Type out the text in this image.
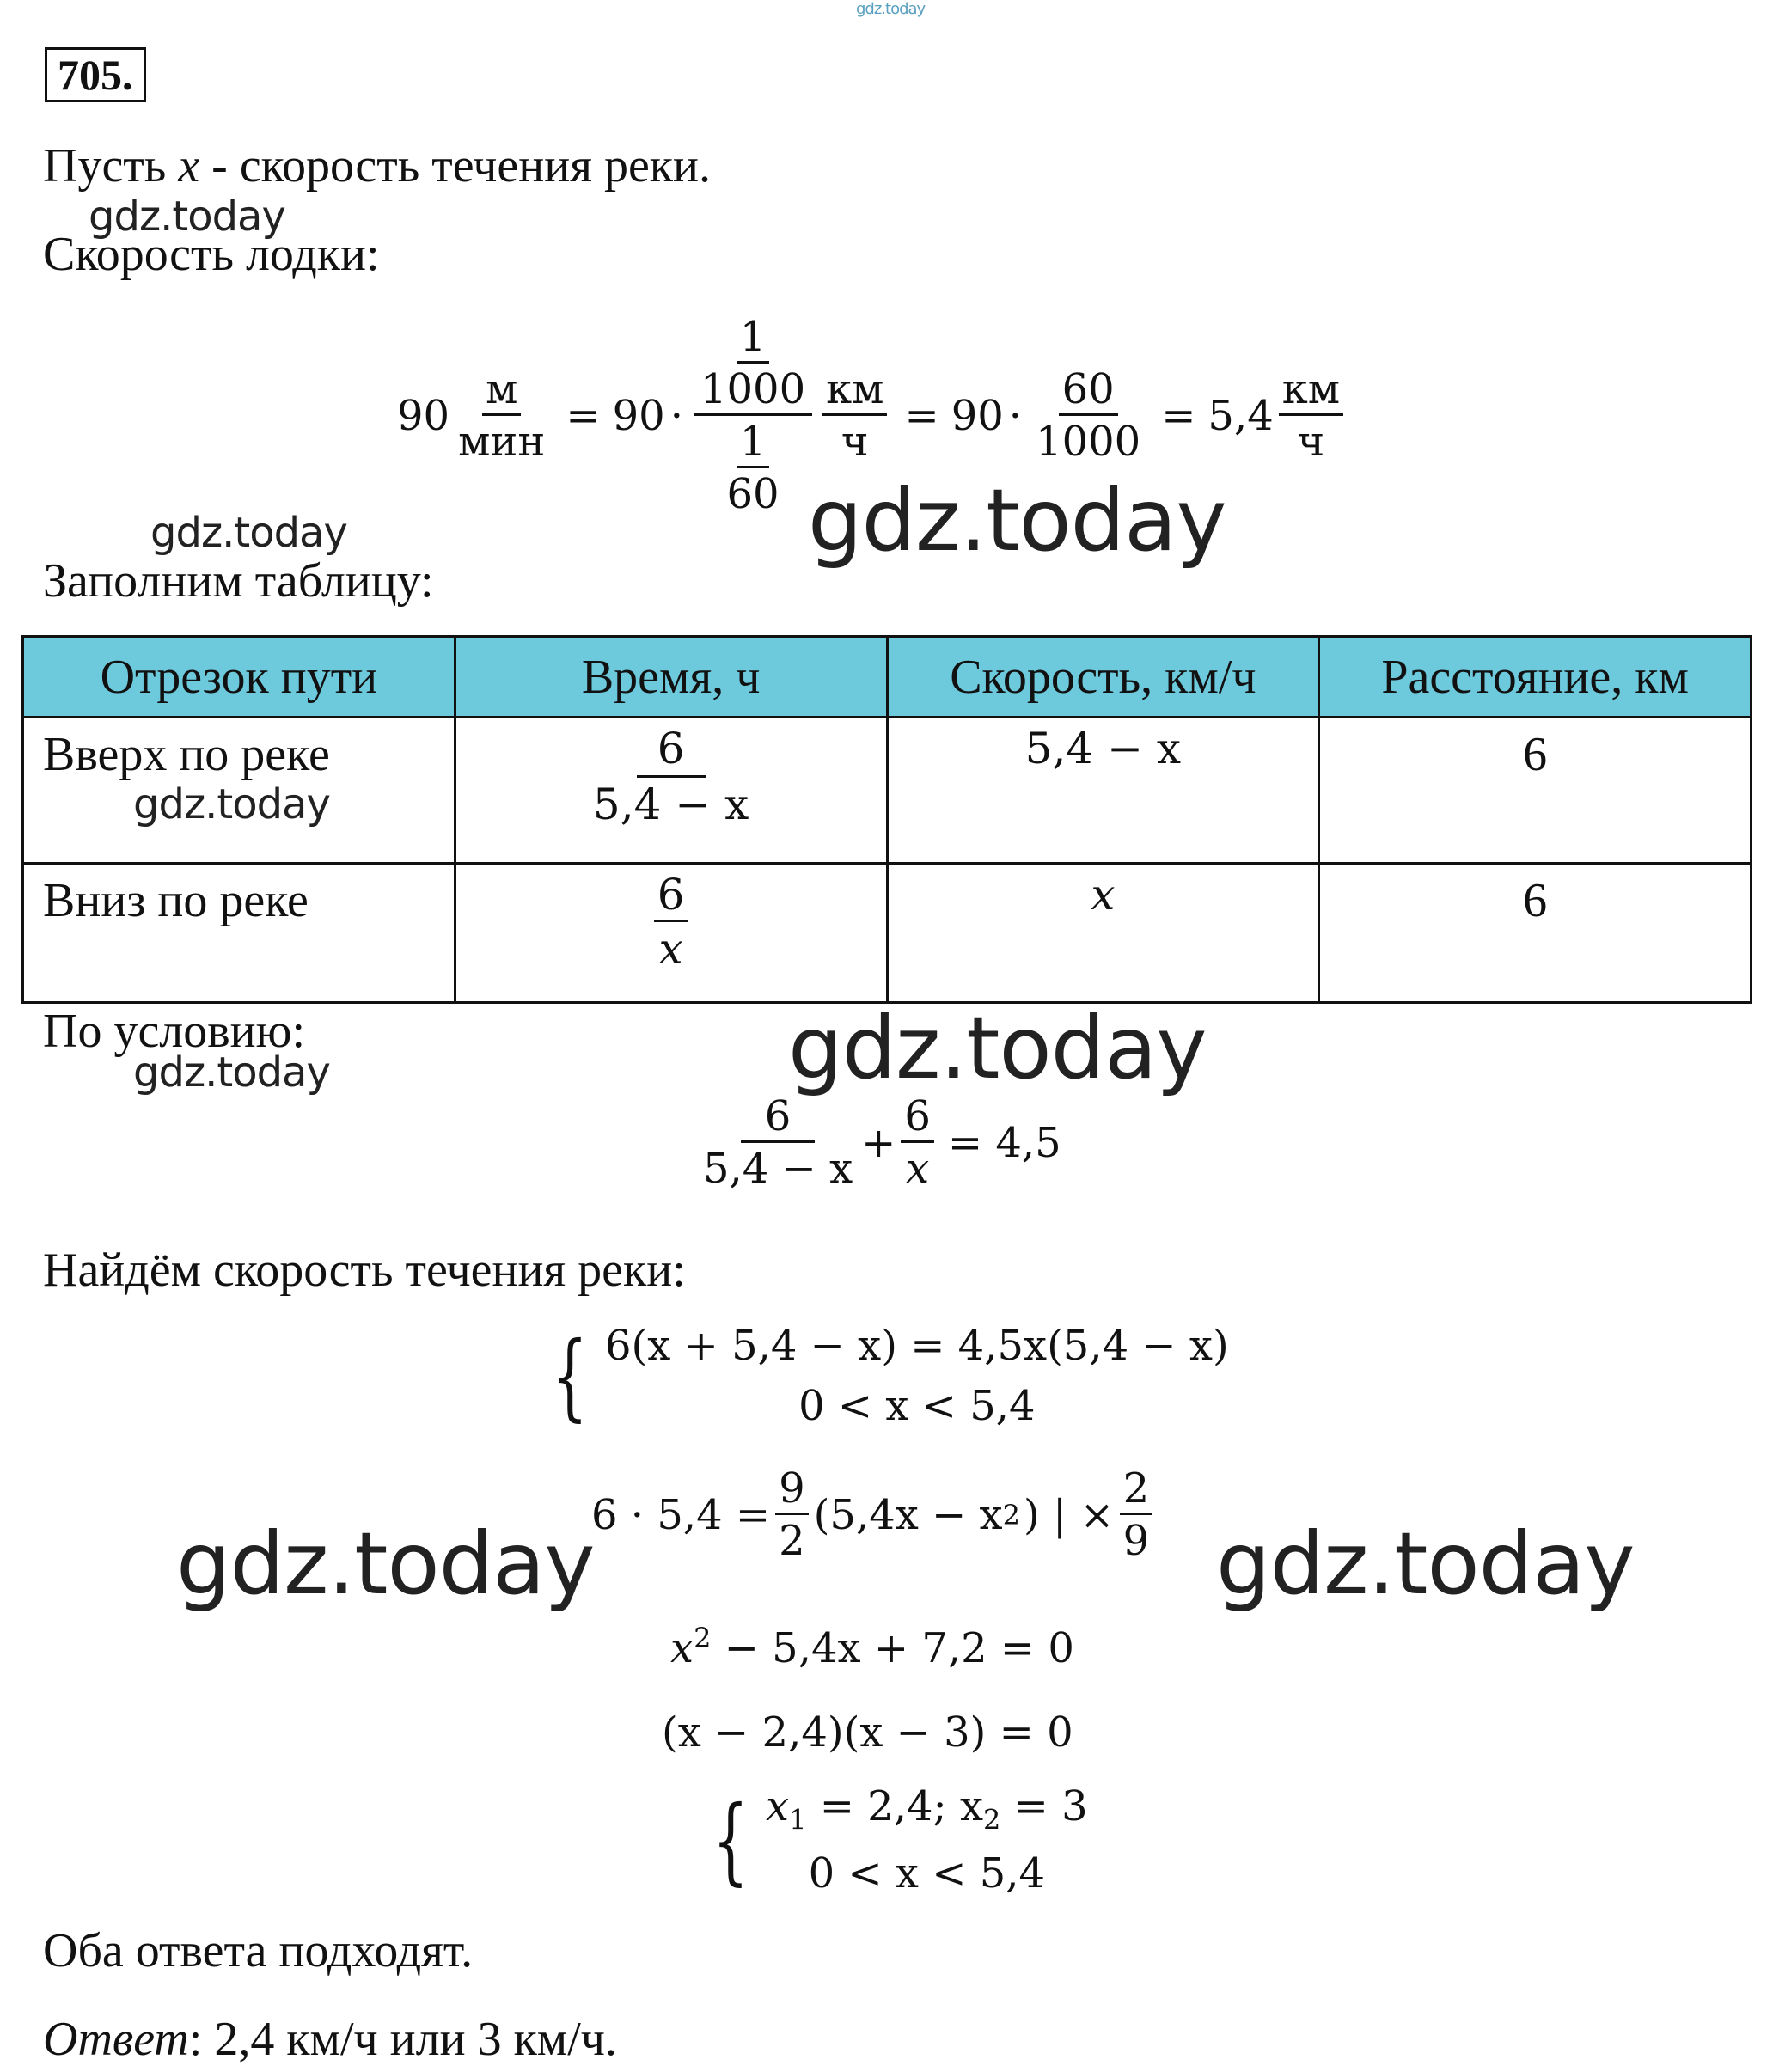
gdz.today
705.
Пусть x - скорость течения реки.
gdz.today
Скорость лодки:
$90 \frac{м}{\text{мин}} = 90 \cdot \frac{\frac{1}{1000}}{\frac{1}{60}} \frac{км}{ч} = 90 \cdot \frac{60}{1000} = 5,4 \frac{км}{ч}$
gdz.today
gdz.today
Заполним таблицу:
Отрезок пути	Время, ч	Скорость, км/ч	Расстояние, км
Вверх по реке	$\frac{6}{5,4 - x}$	5,4 − x	6
Вниз по реке	$\frac{6}{x}$	x	6
gdz.today
По условию:
gdz.today	gdz.today
$\frac{6}{5,4 - x} + \frac{6}{x} = 4,5$
Найдём скорость течения реки:
{ 6(x + 5,4 − x) = 4,5x(5,4 − x)
0 < x < 5,4
gdz.today	gdz.today
$6 \cdot 5,4 = \frac{9}{2} (5,4x - x$ 2 ) | × $\frac{2}{9}$
$x^2 - 5,4x + 7,2 = 0$
(x − 2,4)(x − 3) = 0
{ $x_1 = 2,4$; $x_2 = 3$
0 < x < 5,4
Оба ответа подходят.
Ответ: 2,4 км/ч или 3 км/ч.
